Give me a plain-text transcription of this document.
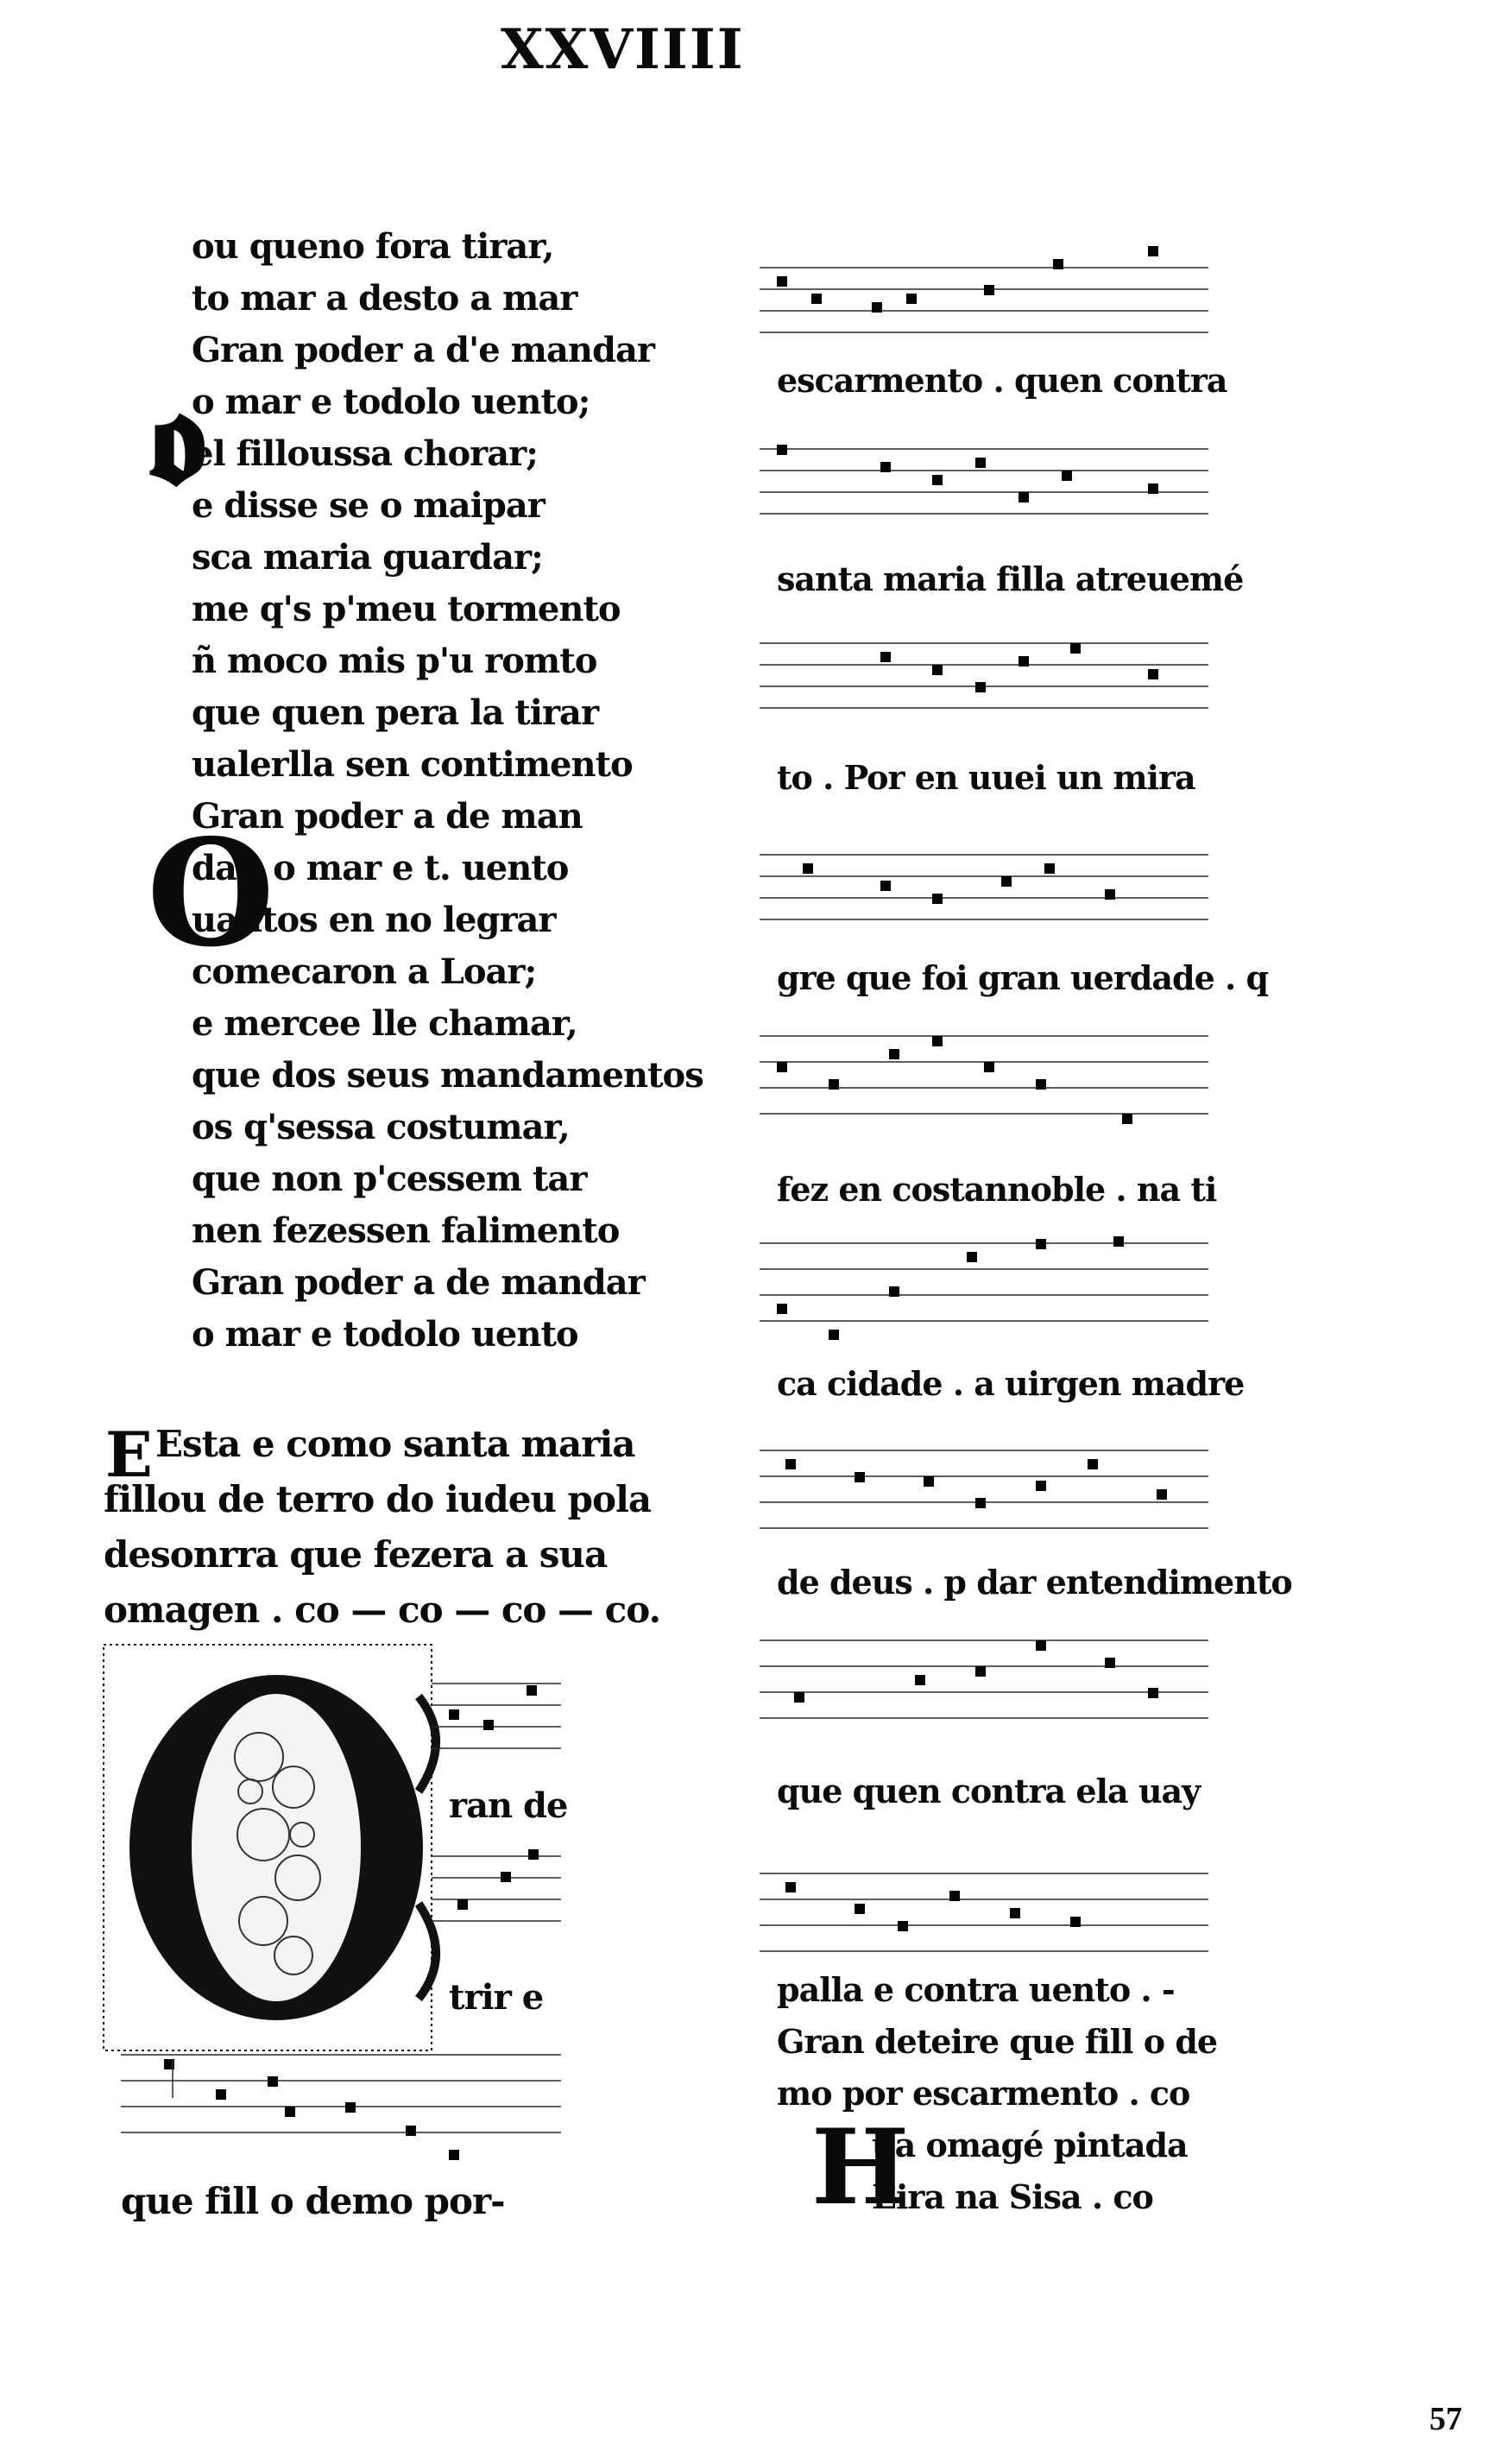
XXVIIII
𝖔
O
E
ou queno fora tirar,
to mar a desto a mar
Gran poder a d'e mandar
o mar e todolo uento;
el filloussa chorar;
e disse se o maipar
sca maria guardar;
me q's p'meu tormento
ñ moco mis p'u romto
que quen pera la tirar
ualerlla sen contimento
Gran poder a de man
dar. o mar e t. uento
uantos en no legrar
comecaron a Loar;
e mercee lle chamar,
que dos seus mandamentos
os q'sessa costumar,
que non p'cessem tar
nen fezessen falimento
Gran poder a de mandar
o mar e todolo uento
Esta e como santa maria
fillou de terro do iudeu pola
desonrra que fezera a sua
omagen . co — co — co — co.
ran de
trir e
que fill o demo por-
escarmento . quen contra
santa maria filla atreuemé
to . Por en uuei un mira
gre que foi gran uerdade . q
fez en costannoble . na ti
ca cidade . a uirgen madre
de deus . p dar entendimento
que quen contra ela uay
palla e contra uento . -
Gran deteire que fill o de
mo por escarmento . co
H
ua omagé pintada
Eira na Sisa . co
57
